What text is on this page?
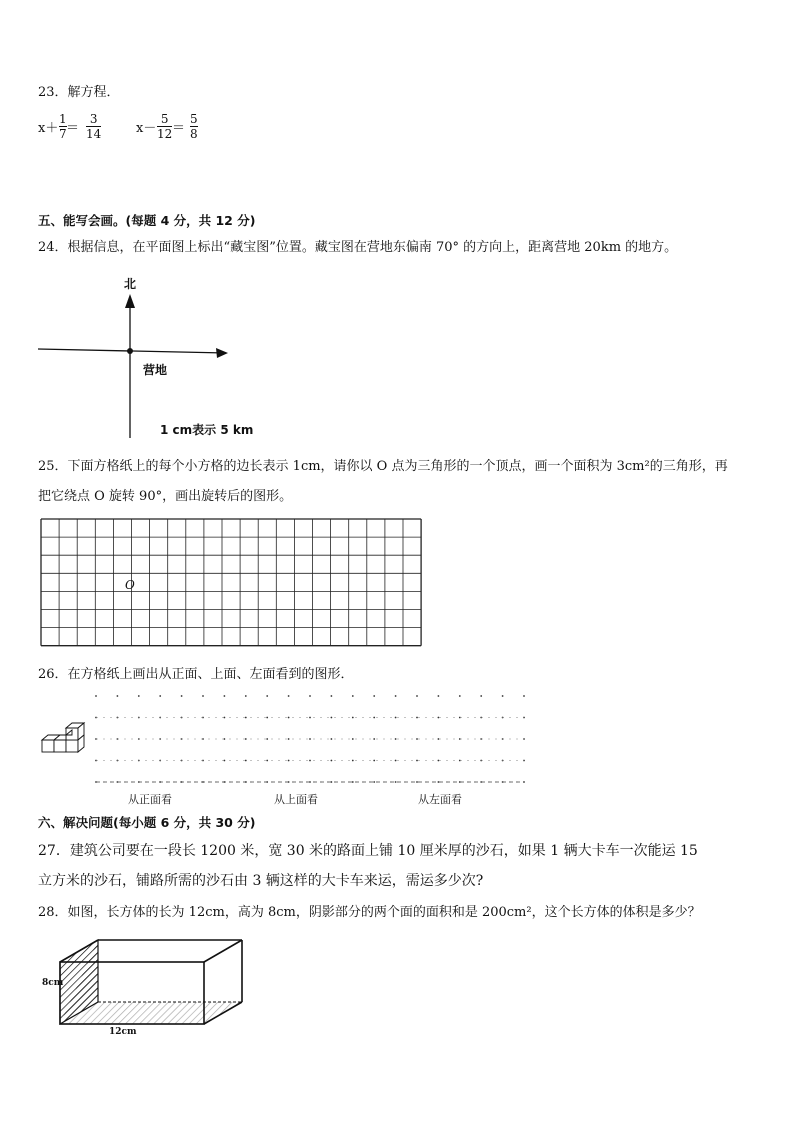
23．解方程．
x＋
1
7 ＝
3
14	x－
5
12 ＝
5
8
五、能写会画。(每题 4 分，共 12 分)
24．根据信息，在平面图上标出“藏宝图”位置。藏宝图在营地东偏南 70° 的方向上，距离营地 20km 的地方。
北
营地
1 cm表示 5 km
25．下面方格纸上的每个小方格的边长表示 1cm，请你以 O 点为三角形的一个顶点，画一个面积为 3cm²的三角形，再
把它绕点 O 旋转 90°，画出旋转后的图形。
O
26．在方格纸上画出从正面、上面、左面看到的图形．
从正面看	从上面看	从左面看
六、解决问题(每小题 6 分，共 30 分)
27．建筑公司要在一段长 1200 米，宽 30 米的路面上铺 10 厘米厚的沙石，如果 1 辆大卡车一次能运 15
立方米的沙石，铺路所需的沙石由 3 辆这样的大卡车来运，需运多少次?
28．如图，长方体的长为 12cm，高为 8cm，阴影部分的两个面的面积和是 200cm²，这个长方体的体积是多少？
8cm
12cm
